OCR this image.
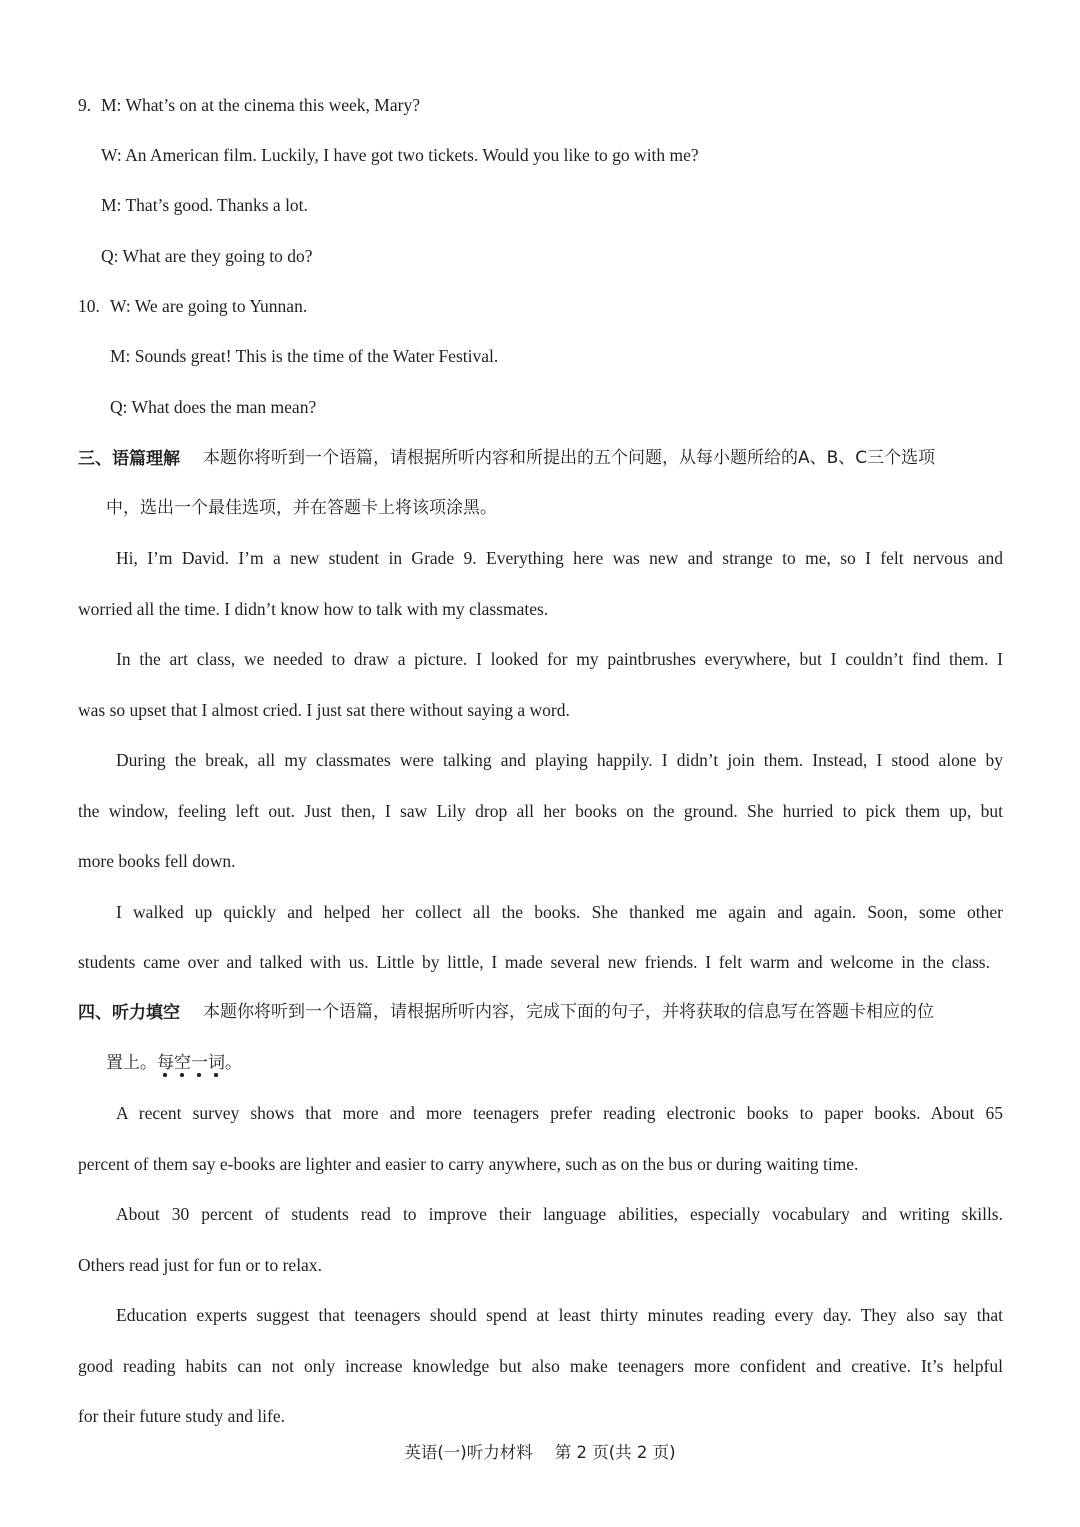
9. M: What’s on at the cinema this week, Mary?
W: An American film. Luckily, I have got two tickets. Would you like to go with me?
M: That’s good. Thanks a lot.
Q: What are they going to do?
10. W: We are going to Yunnan.
M: Sounds great! This is the time of the Water Festival.
Q: What does the man mean?
三、语篇理解 本题你将听到一个语篇，请根据所听内容和所提出的五个问题，从每小题所给的A、B、C三个选项
中，选出一个最佳选项，并在答题卡上将该项涂黑。
Hi, I’m David. I’m a new student in Grade 9. Everything here was new and strange to me, so I felt nervous and
worried all the time. I didn’t know how to talk with my classmates.
In the art class, we needed to draw a picture. I looked for my paintbrushes everywhere, but I couldn’t find them. I
was so upset that I almost cried. I just sat there without saying a word.
During the break, all my classmates were talking and playing happily. I didn’t join them. Instead, I stood alone by
the window, feeling left out. Just then, I saw Lily drop all her books on the ground. She hurried to pick them up, but
more books fell down.
I walked up quickly and helped her collect all the books. She thanked me again and again. Soon, some other
students came over and talked with us. Little by little, I made several new friends. I felt warm and welcome in the class.
四、听力填空 本题你将听到一个语篇，请根据所听内容，完成下面的句子，并将获取的信息写在答题卡相应的位
置上。每空一词
。
A recent survey shows that more and more teenagers prefer reading electronic books to paper books. About 65
percent of them say e-books are lighter and easier to carry anywhere, such as on the bus or during waiting time.
About 30 percent of students read to improve their language abilities, especially vocabulary and writing skills.
Others read just for fun or to relax.
Education experts suggest that teenagers should spend at least thirty minutes reading every day. They also say that
good reading habits can not only increase knowledge but also make teenagers more confident and creative. It’s helpful
for their future study and life.
英语(一)听力材料 第 2 页(共 2 页)
